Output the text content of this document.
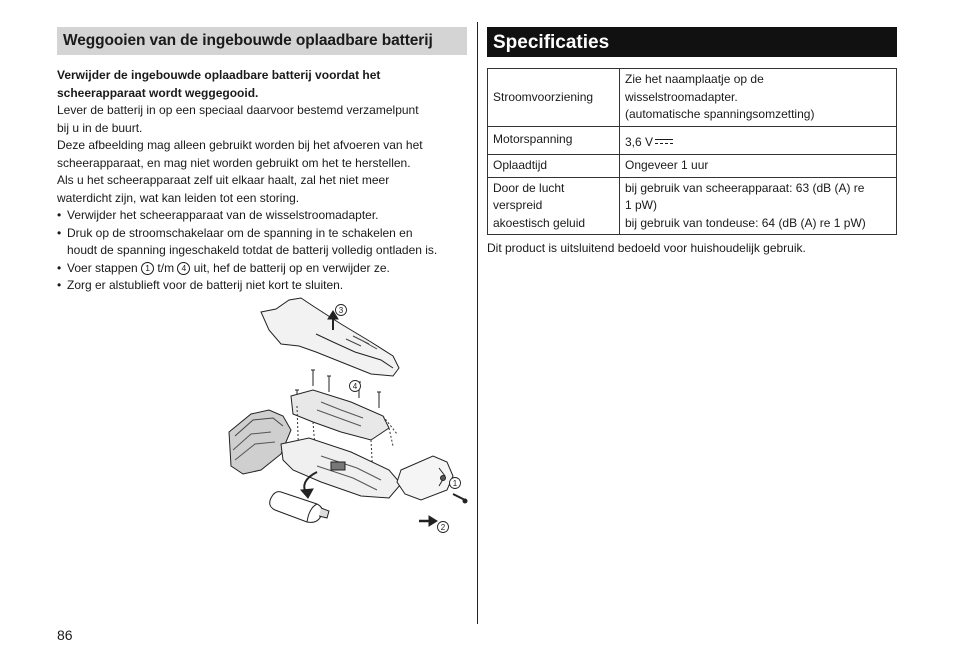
Weggooien van de ingebouwde oplaadbare batterij

Verwijder de ingebouwde oplaadbare batterij voordat het

scheerapparaat wordt weggegooid.

Lever de batterij in op een speciaal daarvoor bestemd verzamelpunt

bij u in de buurt.

Deze afbeelding mag alleen gebruikt worden bij het afvoeren van het

scheerapparaat, en mag niet worden gebruikt om het te herstellen.

Als u het scheerapparaat zelf uit elkaar haalt, zal het niet meer

waterdicht zijn, wat kan leiden tot een storing.

• Verwijder het scheerapparaat van de wisselstroomadapter.
• Druk op de stroomschakelaar om de spanning in te schakelen en
houdt de spanning ingeschakeld totdat de batterij volledig ontladen is.
• Voer stappen 1 t/m 4 uit, hef de batterij op en verwijder ze.
• Zorg er alstublieft voor de batterij niet kort te sluiten.
3
4
1
2
Specificaties
Stroomvoorziening	Zie het naamplaatje op de
wisselstroomadapter.
(automatische spanningsomzetting)
Motorspanning	3,6 V
Oplaadtijd	Ongeveer 1 uur
Door de lucht
verspreid
akoestisch geluid	bij gebruik van scheerapparaat: 63 (dB (A) re
1 pW)
bij gebruik van tondeuse: 64 (dB (A) re 1 pW)
Dit product is uitsluitend bedoeld voor huishoudelijk gebruik.
86
